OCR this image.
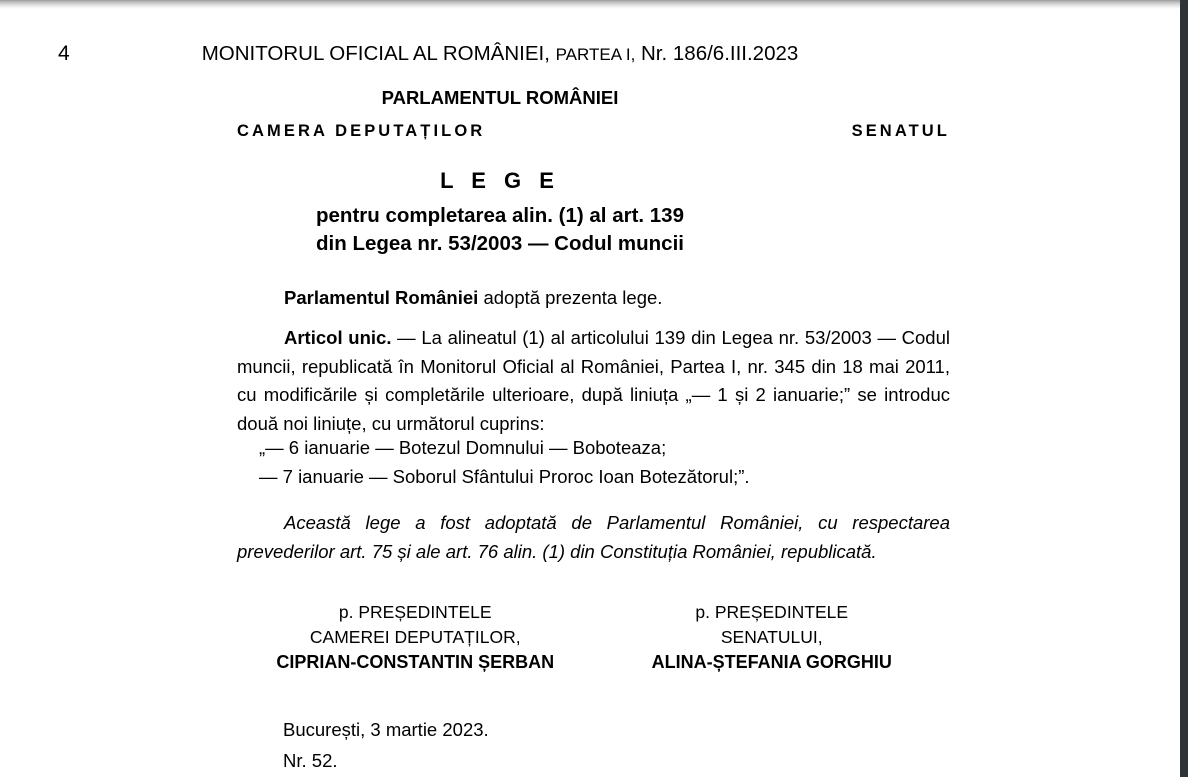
4	MONITORUL OFICIAL AL ROMÂNIEI, PARTEA I, Nr. 186/6.III.2023
PARLAMENTUL ROMÂNIEI
CAMERA DEPUTAȚILOR	SENATUL
L E G E
pentru completarea alin. (1) al art. 139
din Legea nr. 53/2003 — Codul muncii
Parlamentul României adoptă prezenta lege.
Articol unic. — La alineatul (1) al articolului 139 din Legea nr. 53/2003 — Codul muncii, republicată în Monitorul Oficial al României, Partea I, nr. 345 din 18 mai 2011, cu modificările și completările ulterioare, după liniuța „— 1 și 2 ianuarie;” se introduc două noi liniuțe, cu următorul cuprins:
„— 6 ianuarie — Botezul Domnului — Boboteaza;
— 7 ianuarie — Soborul Sfântului Proroc Ioan Botezătorul;”.
Această lege a fost adoptată de Parlamentul României, cu respectarea prevederilor art. 75 și ale art. 76 alin. (1) din Constituția României, republicată.
p. PREȘEDINTELE
CAMEREI DEPUTAȚILOR,
CIPRIAN-CONSTANTIN ȘERBAN
p. PREȘEDINTELE
SENATULUI,
ALINA-ȘTEFANIA GORGHIU
București, 3 martie 2023.
Nr. 52.
